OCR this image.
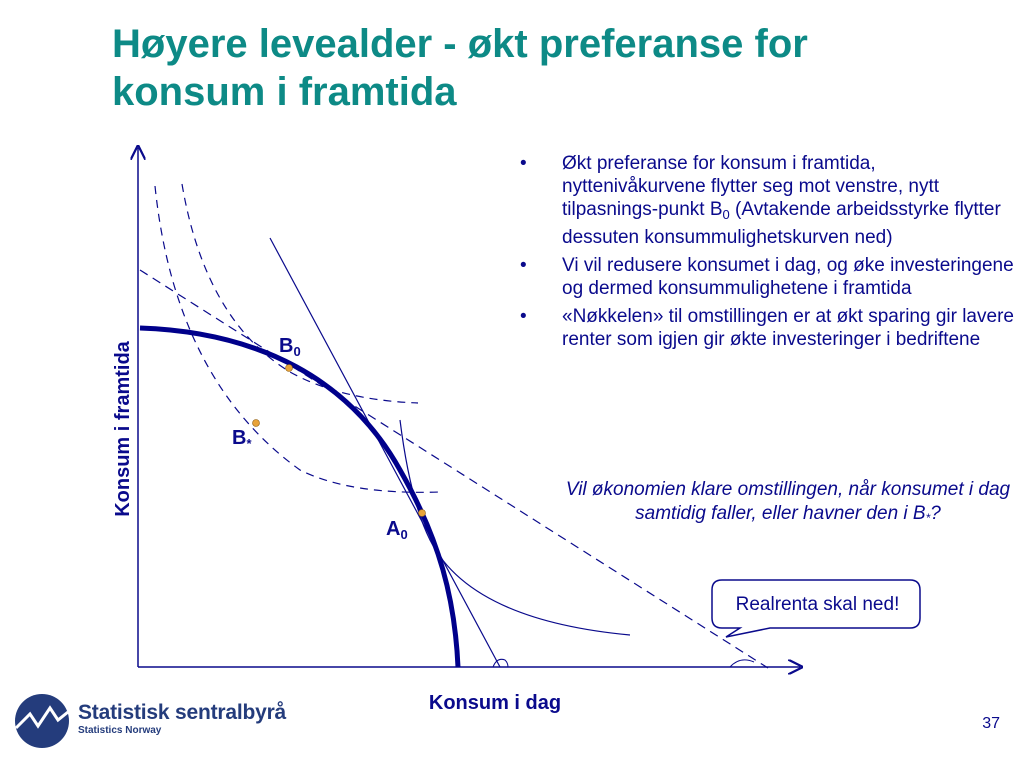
Høyere levealder - økt preferanse for
konsum i framtida
Konsum i framtida
Konsum i dag
$B_0$
$B_*$
$A_0$
• Økt preferanse for konsum i framtida, nyttenivåkurvene flytter seg mot venstre, nytt tilpasnings-punkt $B_0$ (Avtakende arbeidsstyrke flytter dessuten konsummulighetskurven ned)
• Vi vil redusere konsumet i dag, og øke investeringene og dermed konsummulighetene i framtida
• «Nøkkelen» til omstillingen er at økt sparing gir lavere renter som igjen gir økte investeringer i bedriftene
Vil økonomien klare omstillingen, når konsumet i dag samtidig faller, eller havner den i $B_*$?
Realrenta skal ned!
Statistisk sentralbyrå
Statistics Norway	37
